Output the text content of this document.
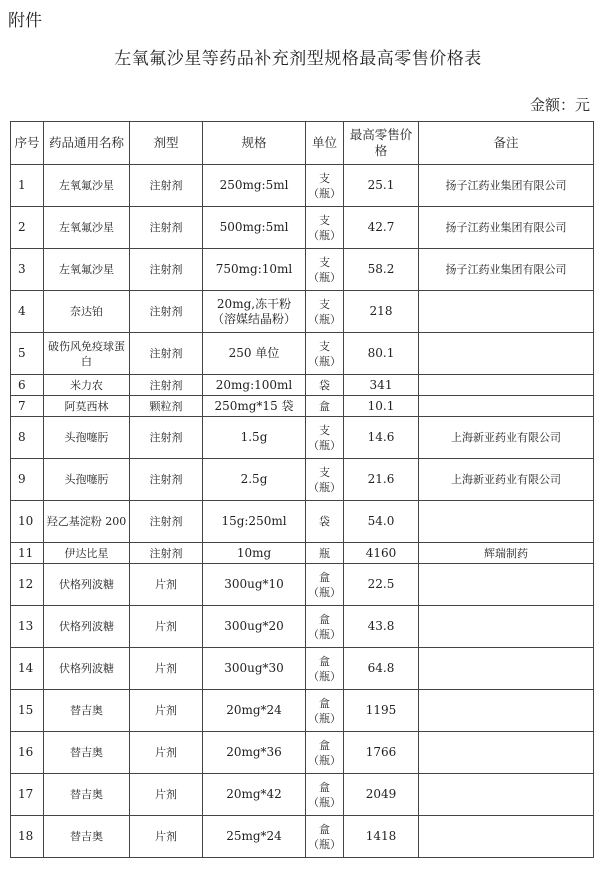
附件
左氧氟沙星等药品补充剂型规格最高零售价格表
金额：元
序号	药品通用名称	剂型	规格	单位	最高零售价格	备注
1	左氧氟沙星	注射剂	250mg:5ml	支（瓶）	25.1	扬子江药业集团有限公司
2	左氧氟沙星	注射剂	500mg:5ml	支（瓶）	42.7	扬子江药业集团有限公司
3	左氧氟沙星	注射剂	750mg:10ml	支（瓶）	58.2	扬子江药业集团有限公司
4	奈达铂	注射剂	20mg,冻干粉（溶媒结晶粉）	支（瓶）	218	
5	破伤风免疫球蛋白	注射剂	250 单位	支（瓶）	80.1	
6	米力农	注射剂	20mg:100ml	袋	341	
7	阿莫西林	颗粒剂	250mg*15 袋	盒	10.1	
8	头孢噻肟	注射剂	1.5g	支（瓶）	14.6	上海新亚药业有限公司
9	头孢噻肟	注射剂	2.5g	支（瓶）	21.6	上海新亚药业有限公司
10	羟乙基淀粉 200	注射剂	15g:250ml	袋	54.0	
11	伊达比星	注射剂	10mg	瓶	4160	辉瑞制药
12	伏格列波糖	片剂	300ug*10	盒（瓶）	22.5	
13	伏格列波糖	片剂	300ug*20	盒（瓶）	43.8	
14	伏格列波糖	片剂	300ug*30	盒（瓶）	64.8	
15	替吉奥	片剂	20mg*24	盒（瓶）	1195	
16	替吉奥	片剂	20mg*36	盒（瓶）	1766	
17	替吉奥	片剂	20mg*42	盒（瓶）	2049	
18	替吉奥	片剂	25mg*24	盒（瓶）	1418	
